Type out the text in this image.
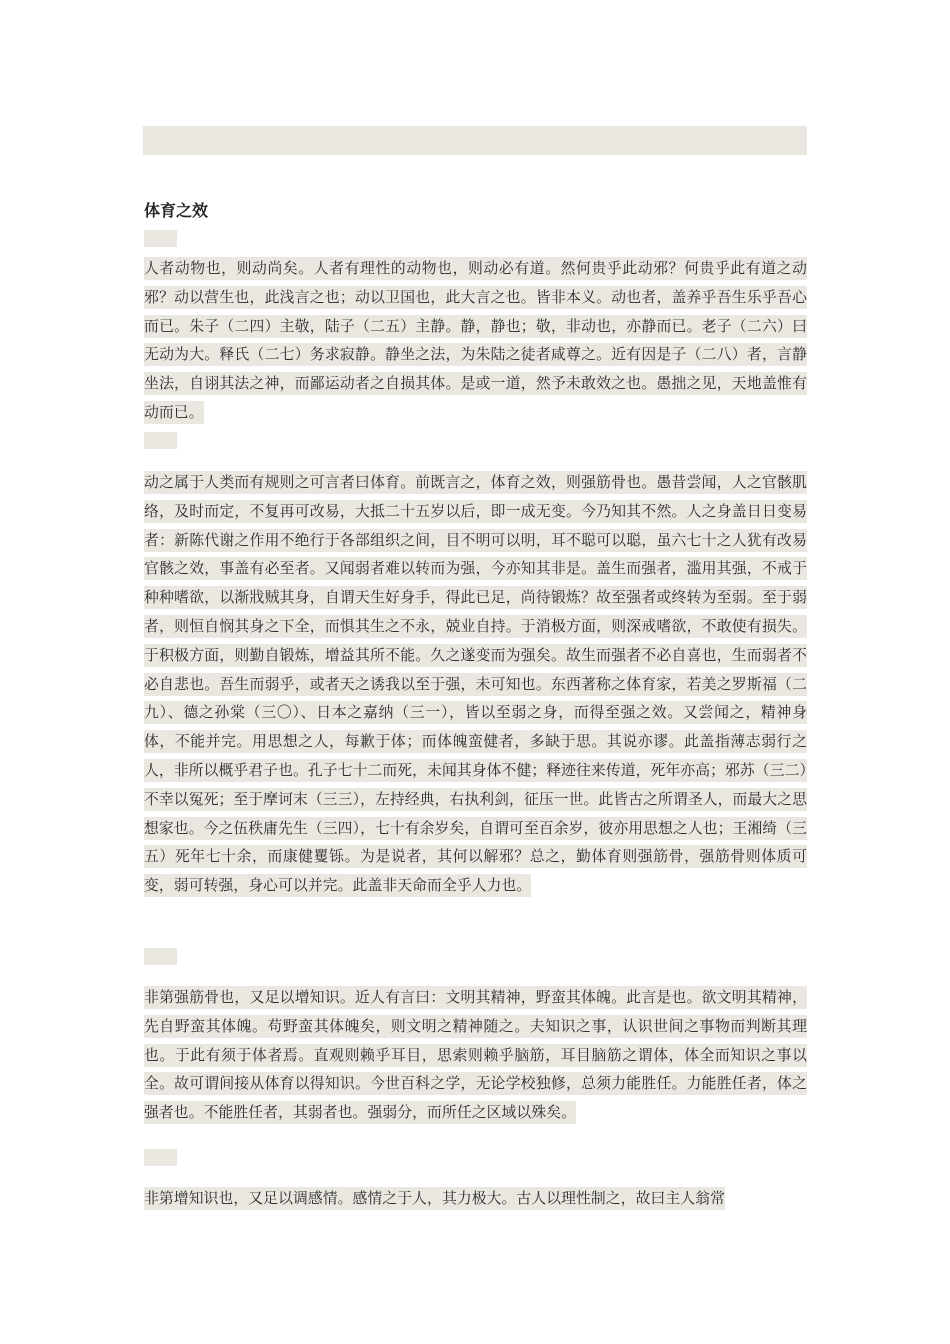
体育之效

人者动物也，则动尚矣。人者有理性的动物也，则动必有道。然何贵乎此动邪？何贵乎此有道之动邪？动以营生也，此浅言之也；动以卫国也，此大言之也。皆非本义。动也者，盖养乎吾生乐乎吾心而已。朱子（二四）主敬，陆子（二五）主静。静，静也；敬，非动也，亦静而已。老子（二六）曰无动为大。释氏（二七）务求寂静。静坐之法，为朱陆之徒者咸尊之。近有因是子（二八）者，言静坐法，自诩其法之神，而鄙运动者之自损其体。是或一道，然予未敢效之也。愚拙之见，天地盖惟有动而已。

动之属于人类而有规则之可言者曰体育。前既言之，体育之效，则强筋骨也。愚昔尝闻，人之官骸肌络，及时而定，不复再可改易，大抵二十五岁以后，即一成无变。今乃知其不然。人之身盖日日变易者：新陈代谢之作用不绝行于各部组织之间，目不明可以明，耳不聪可以聪，虽六七十之人犹有改易官骸之效，事盖有必至者。又闻弱者难以转而为强，今亦知其非是。盖生而强者，滥用其强，不戒于种种嗜欲，以渐戕贼其身，自谓天生好身手，得此已足，尚待锻炼？故至强者或终转为至弱。至于弱者，则恒自悯其身之下全，而惧其生之不永，兢业自持。于消极方面，则深戒嗜欲，不敢使有损失。于积极方面，则勤自锻炼，增益其所不能。久之遂变而为强矣。故生而强者不必自喜也，生而弱者不必自悲也。吾生而弱乎，或者天之诱我以至于强，未可知也。东西著称之体育家，若美之罗斯福（二九）、德之孙棠（三〇）、日本之嘉纳（三一），皆以至弱之身，而得至强之效。又尝闻之，精神身体，不能并完。用思想之人，每歉于体；而体魄蛮健者，多缺于思。其说亦谬。此盖指薄志弱行之人，非所以概乎君子也。孔子七十二而死，未闻其身体不健；释迹往来传道，死年亦高；邪苏（三二）不幸以冤死；至于摩诃末（三三），左持经典，右执利剑，征压一世。此皆古之所谓圣人，而最大之思想家也。今之伍秩庸先生（三四），七十有余岁矣，自谓可至百余岁，彼亦用思想之人也；王湘绮（三五）死年七十余，而康健矍铄。为是说者，其何以解邪？总之，勤体育则强筋骨，强筋骨则体质可变，弱可转强，身心可以并完。此盖非天命而全乎人力也。

非第强筋骨也，又足以增知识。近人有言曰：文明其精神，野蛮其体魄。此言是也。欲文明其精神，先自野蛮其体魄。苟野蛮其体魄矣，则文明之精神随之。夫知识之事，认识世间之事物而判断其理也。于此有须于体者焉。直观则赖乎耳目，思索则赖乎脑筋，耳目脑筋之谓体，体全而知识之事以全。故可谓间接从体育以得知识。今世百科之学，无论学校独修，总须力能胜任。力能胜任者，体之强者也。不能胜任者，其弱者也。强弱分，而所任之区域以殊矣。

非第增知识也，又足以调感情。感情之于人，其力极大。古人以理性制之，故曰主人翁常
